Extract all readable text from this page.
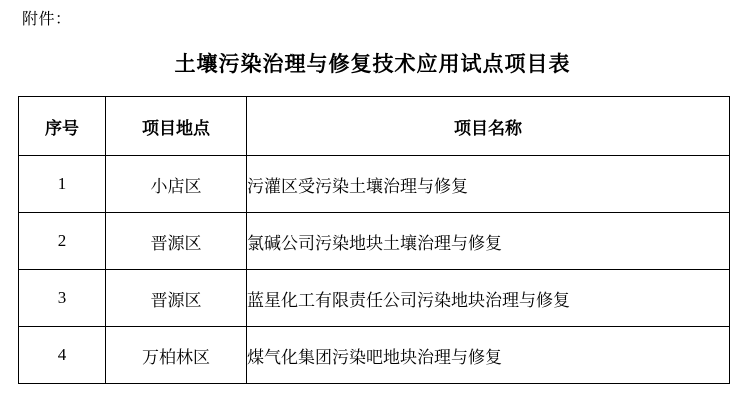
附件：
土壤污染治理与修复技术应用试点项目表
序号	项目地点	项目名称
1	小店区	污灌区受污染土壤治理与修复
2	晋源区	氯碱公司污染地块土壤治理与修复
3	晋源区	蓝星化工有限责任公司污染地块治理与修复
4	万柏林区	煤气化集团污染吧地块治理与修复
